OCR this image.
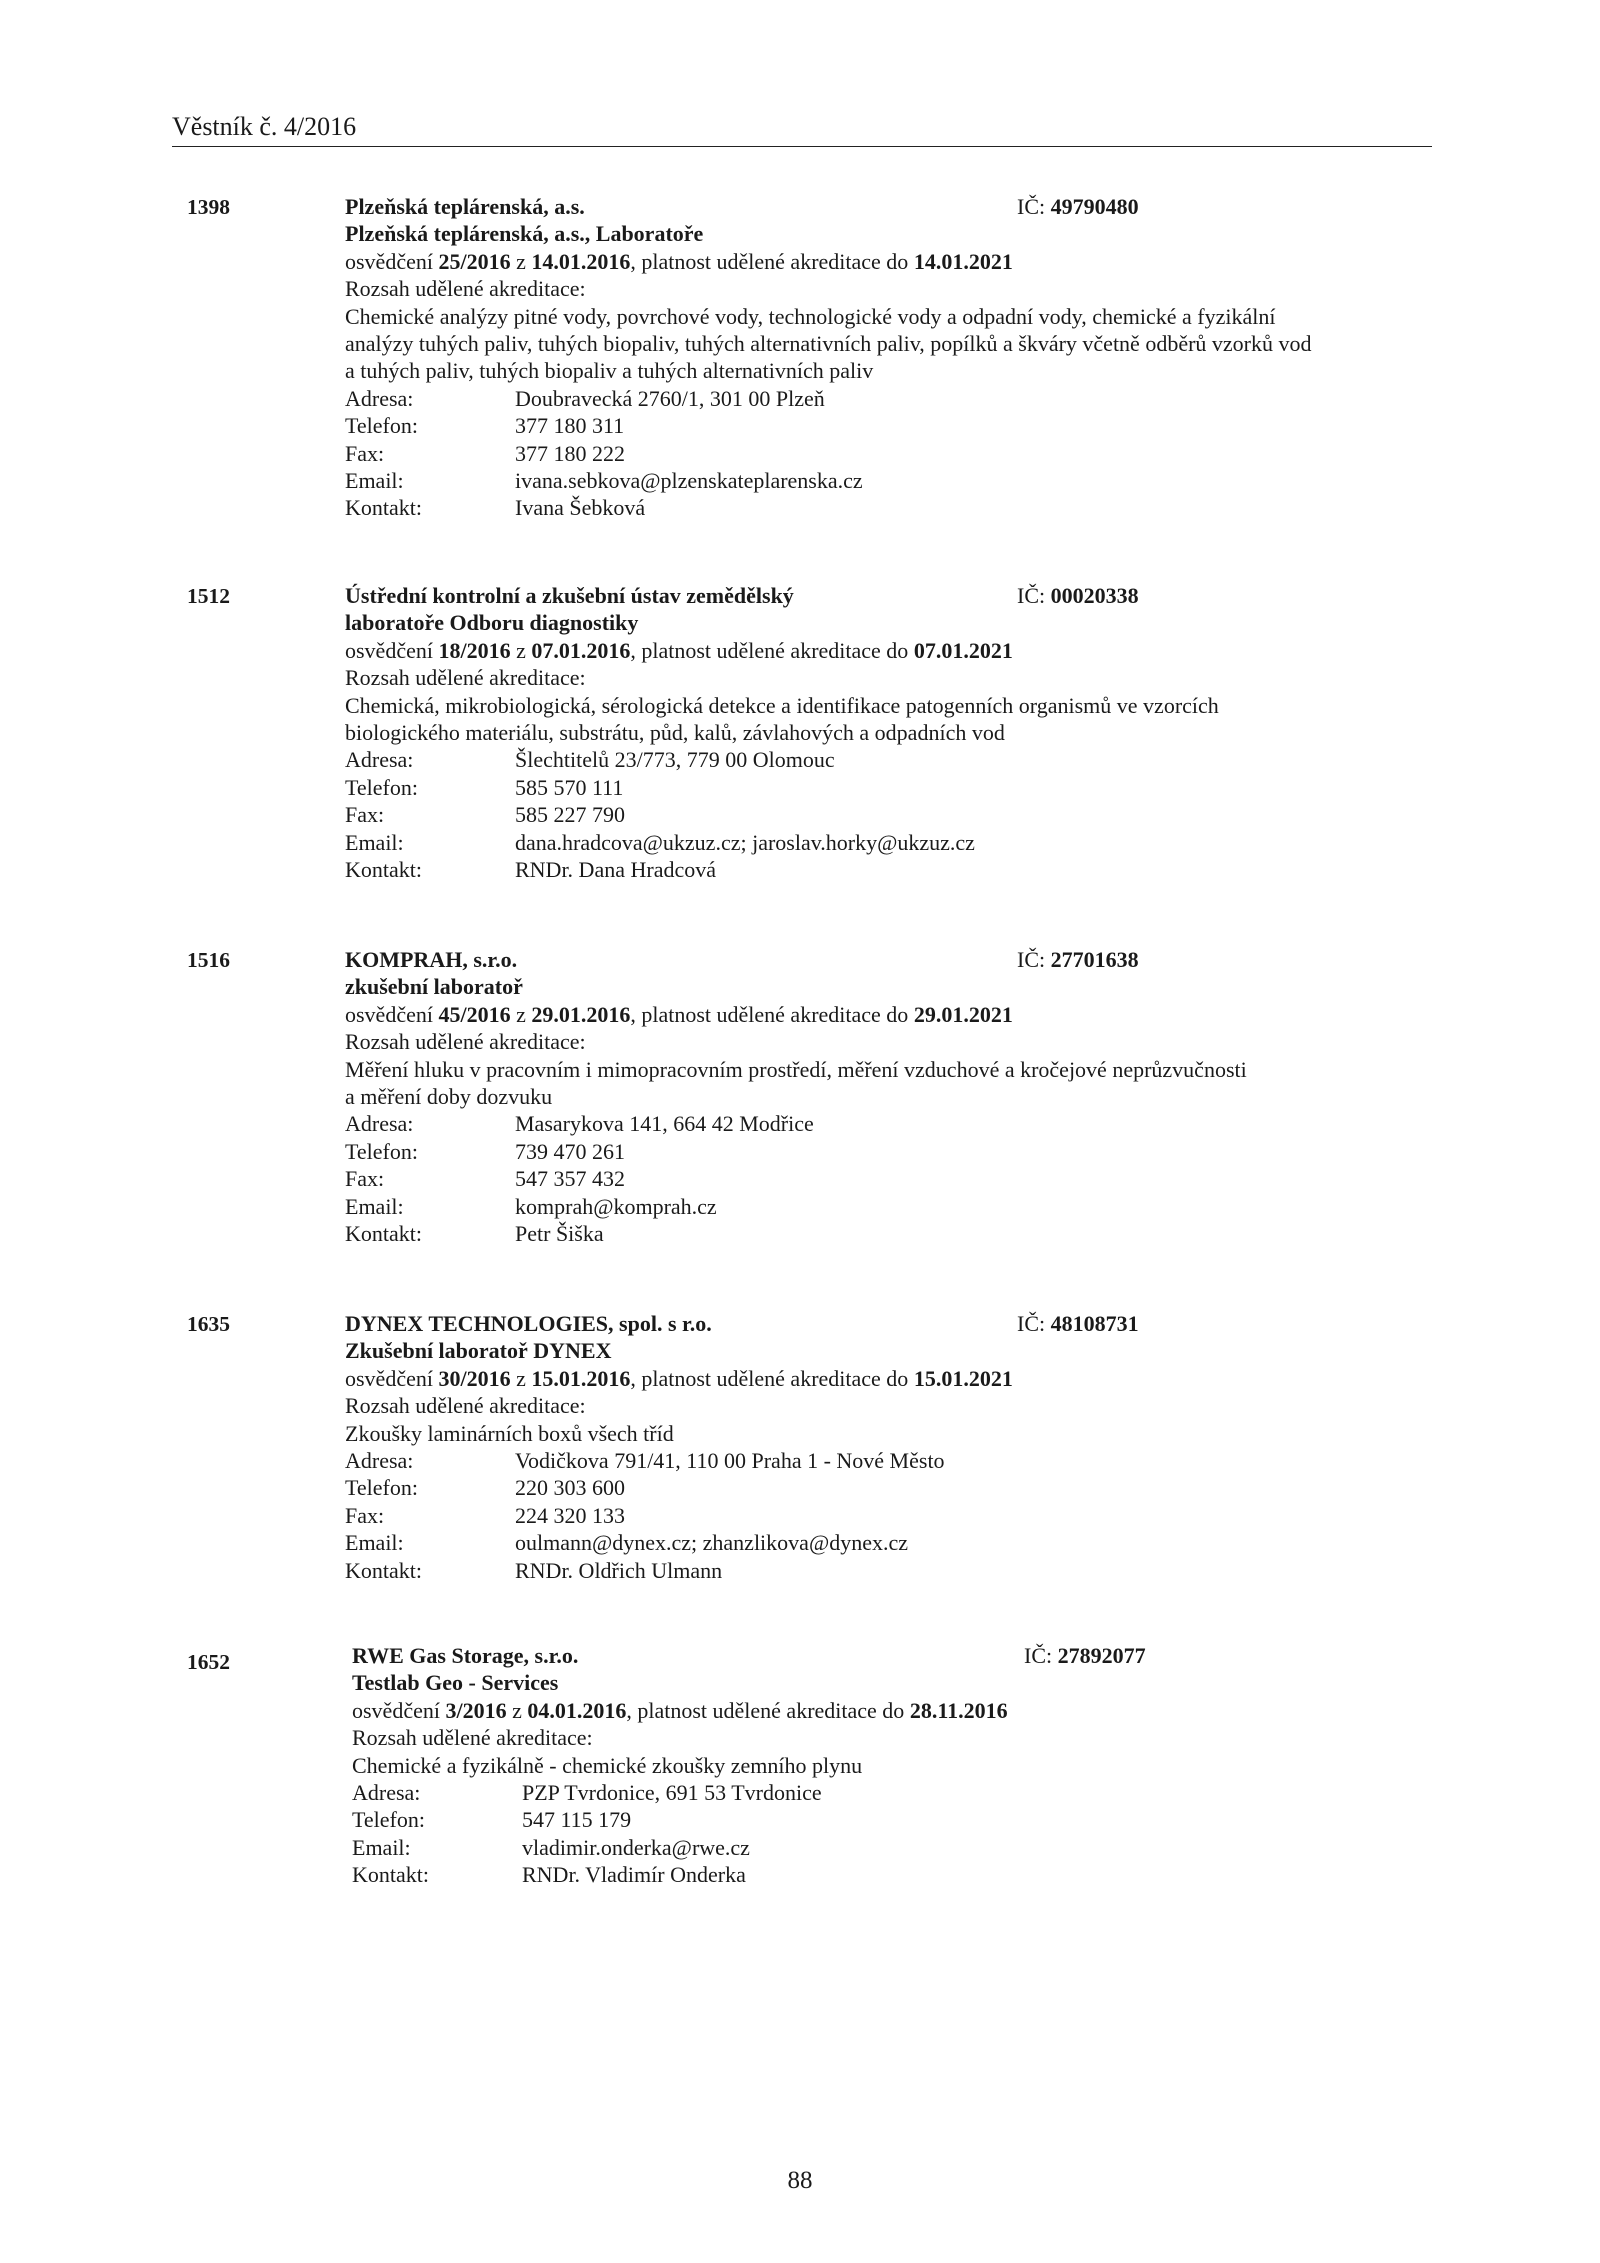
Věstník č. 4/2016
1398	Plzeňská teplárenská, a.s.	IČ: 49790480
Plzeňská teplárenská, a.s., Laboratoře
osvědčení 25/2016 z 14.01.2016, platnost udělené akreditace do 14.01.2021
Rozsah udělené akreditace:
Chemické analýzy pitné vody, povrchové vody, technologické vody a odpadní vody, chemické a fyzikální
analýzy tuhých paliv, tuhých biopaliv, tuhých alternativních paliv, popílků a škváry včetně odběrů vzorků vod
a tuhých paliv, tuhých biopaliv a tuhých alternativních paliv
Adresa:	Doubravecká 2760/1, 301 00 Plzeň
Telefon:	377 180 311
Fax:	377 180 222
Email:	ivana.sebkova@plzenskateplarenska.cz
Kontakt:	Ivana Šebková
1512	Ústřední kontrolní a zkušební ústav zemědělský	IČ: 00020338
laboratoře Odboru diagnostiky
osvědčení 18/2016 z 07.01.2016, platnost udělené akreditace do 07.01.2021
Rozsah udělené akreditace:
Chemická, mikrobiologická, sérologická detekce a identifikace patogenních organismů ve vzorcích
biologického materiálu, substrátu, půd, kalů, závlahových a odpadních vod
Adresa:	Šlechtitelů 23/773, 779 00 Olomouc
Telefon:	585 570 111
Fax:	585 227 790
Email:	dana.hradcova@ukzuz.cz; jaroslav.horky@ukzuz.cz
Kontakt:	RNDr. Dana Hradcová
1516	KOMPRAH, s.r.o.	IČ: 27701638
zkušební laboratoř
osvědčení 45/2016 z 29.01.2016, platnost udělené akreditace do 29.01.2021
Rozsah udělené akreditace:
Měření hluku v pracovním i mimopracovním prostředí, měření vzduchové a kročejové neprůzvučnosti
a měření doby dozvuku
Adresa:	Masarykova 141, 664 42 Modřice
Telefon:	739 470 261
Fax:	547 357 432
Email:	komprah@komprah.cz
Kontakt:	Petr Šiška
1635	DYNEX TECHNOLOGIES, spol. s r.o.	IČ: 48108731
Zkušební laboratoř DYNEX
osvědčení 30/2016 z 15.01.2016, platnost udělené akreditace do 15.01.2021
Rozsah udělené akreditace:
Zkoušky laminárních boxů všech tříd
Adresa:	Vodičkova 791/41, 110 00 Praha 1 - Nové Město
Telefon:	220 303 600
Fax:	224 320 133
Email:	oulmann@dynex.cz; zhanzlikova@dynex.cz
Kontakt:	RNDr. Oldřich Ulmann
1652	RWE Gas Storage, s.r.o.	IČ: 27892077
Testlab Geo - Services
osvědčení 3/2016 z 04.01.2016, platnost udělené akreditace do 28.11.2016
Rozsah udělené akreditace:
Chemické a fyzikálně - chemické zkoušky zemního plynu
Adresa:	PZP Tvrdonice, 691 53 Tvrdonice
Telefon:	547 115 179
Email:	vladimir.onderka@rwe.cz
Kontakt:	RNDr. Vladimír Onderka
88
